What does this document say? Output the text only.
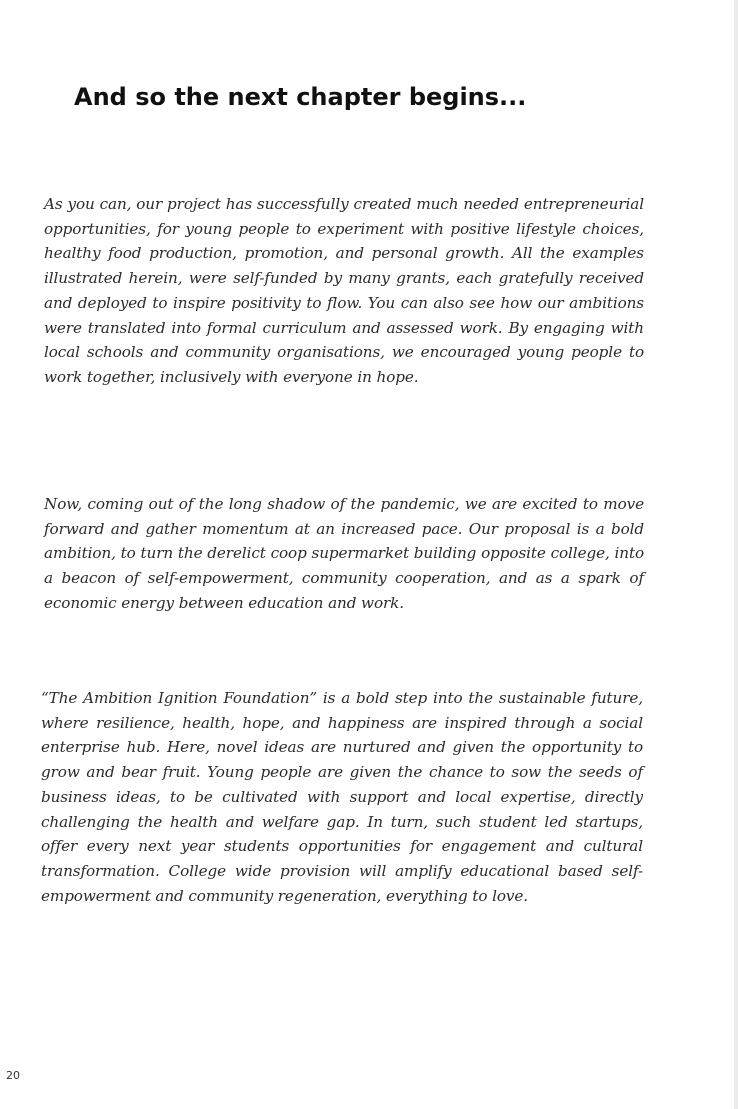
And so the next chapter begins...

As you can, our project has successfully created much needed entrepreneurial opportunities, for young people to experiment with positive lifestyle choices, healthy food production, promotion, and personal growth. All the examples illustrated herein, were self-funded by many grants, each gratefully received and deployed to inspire positivity to flow. You can also see how our ambitions were translated into formal curriculum and assessed work. By engaging with local schools and community organisations, we encouraged young people to work together, inclusively with everyone in hope.

Now, coming out of the long shadow of the pandemic, we are excited to move forward and gather momentum at an increased pace. Our proposal is a bold ambition, to turn the derelict coop supermarket building opposite college, into a beacon of self-empowerment, community cooperation, and as a spark of economic energy between education and work.

“The Ambition Ignition Foundation” is a bold step into the sustainable future, where resilience, health, hope, and happiness are inspired through a social enterprise hub. Here, novel ideas are nurtured and given the opportunity to grow and bear fruit. Young people are given the chance to sow the seeds of business ideas, to be cultivated with support and local expertise, directly challenging the health and welfare gap. In turn, such student led startups, offer every next year students opportunities for engagement and cultural transformation. College wide provision will amplify educational based self-empowerment and community regeneration, everything to love.

20
